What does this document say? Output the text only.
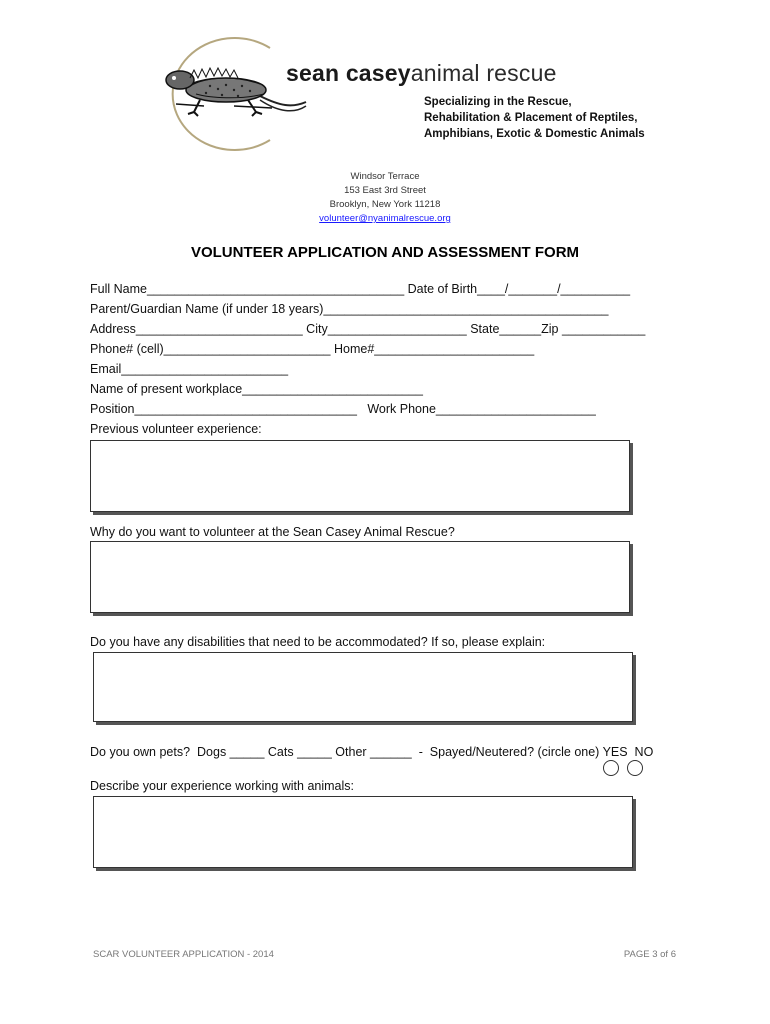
sean caseyanimal rescue
Specializing in the Rescue,
Rehabilitation & Placement of Reptiles,
Amphibians, Exotic & Domestic Animals
Windsor Terrace
153 East 3rd Street
Brooklyn, New York 11218
volunteer@nyanimalrescue.org
VOLUNTEER APPLICATION AND ASSESSMENT FORM
Full Name_____________________________________ Date of Birth____/_______/__________
Parent/Guardian Name (if under 18 years)_________________________________________
Address________________________ City____________________ State______Zip ____________
Phone# (cell)________________________ Home#_______________________
Email________________________
Name of present workplace__________________________
Position________________________________   Work Phone_______________________
Previous volunteer experience:
Why do you want to volunteer at the Sean Casey Animal Rescue?
Do you have any disabilities that need to be accommodated? If so, please explain:
Do you own pets?  Dogs _____ Cats _____ Other ______  -  Spayed/Neutered? (circle one) YES  NO
Describe your experience working with animals:
SCAR VOLUNTEER APPLICATION - 2014	PAGE 3 of 6
